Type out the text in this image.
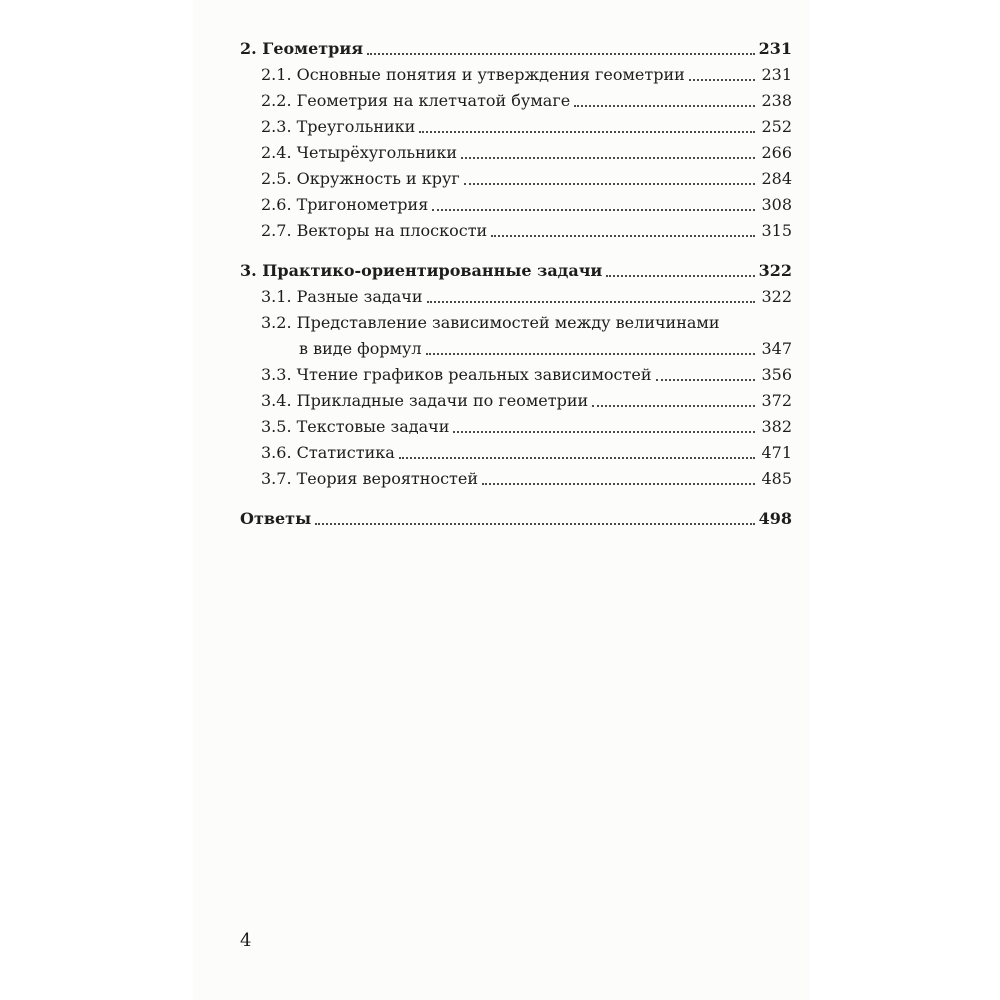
2. Геометрия	231
2.1. Основные понятия и утверждения геометрии	231
2.2. Геометрия на клетчатой бумаге	238
2.3. Треугольники	252
2.4. Четырёхугольники	266
2.5. Окружность и круг	284
2.6. Тригонометрия	308
2.7. Векторы на плоскости	315
3. Практико-ориентированные задачи	322
3.1. Разные задачи	322
3.2. Представление зависимостей между величинами
в виде формул	347
3.3. Чтение графиков реальных зависимостей	356
3.4. Прикладные задачи по геометрии	372
3.5. Текстовые задачи	382
3.6. Статистика	471
3.7. Теория вероятностей	485
Ответы	498
4
